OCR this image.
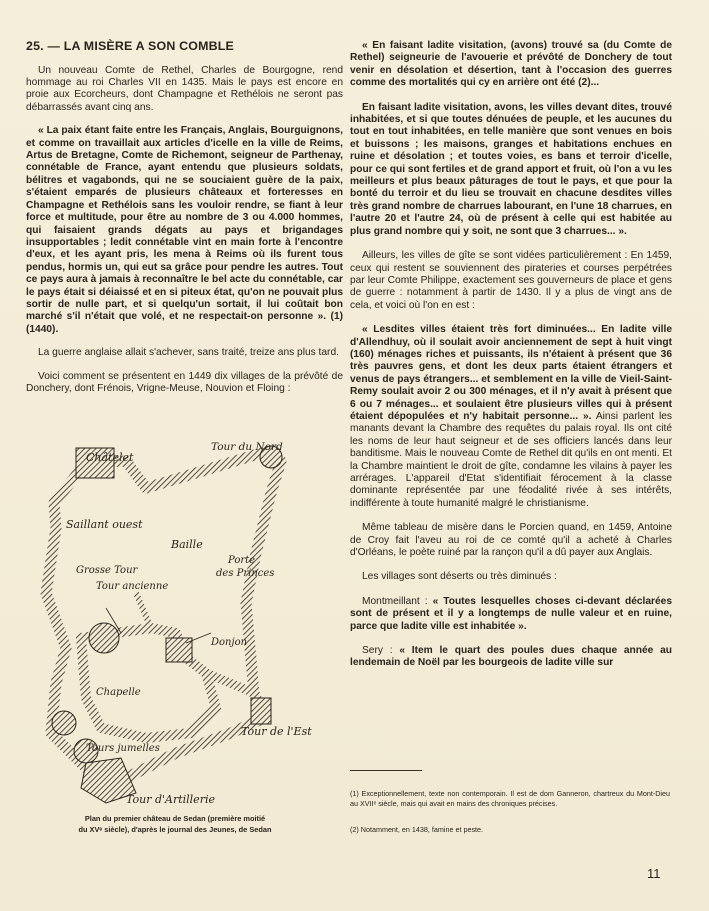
25. — LA MISÈRE A SON COMBLE

Un nouveau Comte de Rethel, Charles de Bourgogne, rend hommage au roi Charles VII en 1435. Mais le pays est encore en proie aux Ecorcheurs, dont Champagne et Rethélois ne seront pas débarrassés avant cinq ans.

« La paix étant faite entre les Français, Anglais, Bourguignons, et comme on travaillait aux articles d'icelle en la ville de Reims, Artus de Bretagne, Comte de Richemont, seigneur de Parthenay, connétable de France, ayant entendu que plusieurs soldats, bélitres et vagabonds, qui ne se souciaient guère de la paix, s'étaient emparés de plusieurs châteaux et forteresses en Champagne et Rethélois sans les vouloir rendre, se fiant à leur force et multitude, pour être au nombre de 3 ou 4.000 hommes, qui faisaient grands dégats au pays et brigandages insupportables ; ledit connétable vint en main forte à l'encontre d'eux, et les ayant pris, les mena à Reims où ils furent tous pendus, hormis un, qui eut sa grâce pour pendre les autres. Tout ce pays aura à jamais à reconnaître le bel acte du connétable, car le pays était si déiaissé et en si piteux état, qu'on ne pouvait plus sortir de nulle part, et si quelqu'un sortait, il lui coûtait bon marché s'il n'était que volé, et ne respectait-on personne ». (1) (1440).

La guerre anglaise allait s'achever, sans traité, treize ans plus tard.

Voici comment se présentent en 1449 dix villages de la prévôté de Donchery, dont Frénois, Vrigne-Meuse, Nouvion et Floing :

Châtelet
Tour du Nord
Saillant ouest
Baille
Porte
des Princes
Grosse Tour
Tour ancienne
Donjon
Chapelle
Tour de l'Est
Tours jumelles
Tour d'Artillerie
Plan du premier château de Sedan (première moitié
du XVᵉ siècle), d'après le journal des Jeunes, de Sedan

« En faisant ladite visitation, (avons) trouvé sa (du Comte de Rethel) seigneurie de l'avouerie et prévôté de Donchery de tout venir en désolation et désertion, tant à l'occasion des guerres comme des mortalités qui cy en arrière ont été (2)...

En faisant ladite visitation, avons, les villes devant dites, trouvé inhabitées, et si que toutes dénuées de peuple, et les aucunes du tout en tout inhabitées, en telle manière que sont venues en bois et buissons ; les maisons, granges et habitations enchues en ruine et désolation ; et toutes voies, es bans et terroir d'icelle, pour ce qui sont fertiles et de grand apport et fruit, où l'on a vu les meilleurs et plus beaux pâturages de tout le pays, et que pour la bonté du terroir et du lieu se trouvait en chacune desdites villes très grand nombre de charrues labourant, en l'une 18 charrues, en l'autre 20 et l'autre 24, où de présent à celle qui est habitée au plus grand nombre qui y soit, ne sont que 3 charrues... ».

Ailleurs, les villes de gîte se sont vidées particulièrement : En 1459, ceux qui restent se souviennent des pirateries et courses perpétrées par leur Comte Philippe, exactement ses gouverneurs de place et gens de guerre : notamment à partir de 1430. Il y a plus de vingt ans de cela, et voici où l'on en est :

« Lesdites villes étaient très fort diminuées... En ladite ville d'Allendhuy, où il soulait avoir anciennement de sept à huit vingt (160) ménages riches et puissants, ils n'étaient à présent que 36 très pauvres gens, et dont les deux parts étaient étrangers et venus de pays étrangers... et semblement en la ville de Vieil-Saint-Remy soulait avoir 2 ou 300 ménages, et il n'y avait à présent que 6 ou 7 ménages... et soulaient être plusieurs villes qui à présent étaient dépopulées et n'y habitait personne... ». Ainsi parlent les manants devant la Chambre des requêtes du palais royal. Ils ont cité les noms de leur haut seigneur et de ses officiers lancés dans leur banditisme. Mais le nouveau Comte de Rethel dit qu'ils en ont menti. Et la Chambre maintient le droit de gîte, condamne les vilains à payer les arrérages. L'appareil d'Etat s'identifiait férocement à la classe dominante représentée par une féodalité rivée à ses intérêts, indifférente à toute humanité malgré le christianisme.

Même tableau de misère dans le Porcien quand, en 1459, Antoine de Croy fait l'aveu au roi de ce comté qu'il a acheté à Charles d'Orléans, le poète ruiné par la rançon qu'il a dû payer aux Anglais.

Les villages sont déserts ou très diminués :

Montmeillant : « Toutes lesquelles choses ci-devant déclarées sont de présent et il y a longtemps de nulle valeur et en ruine, parce que ladite ville est inhabitée ».

Sery : « Item le quart des poules dues chaque année au lendemain de Noël par les bourgeois de ladite ville sur

(1) Exceptionnellement, texte non contemporain. Il est de dom Ganneron, chartreux du Mont-Dieu au XVIIᵉ siècle, mais qui avait en mains des chroniques précises.
(2) Notamment, en 1438, famine et peste.
11
